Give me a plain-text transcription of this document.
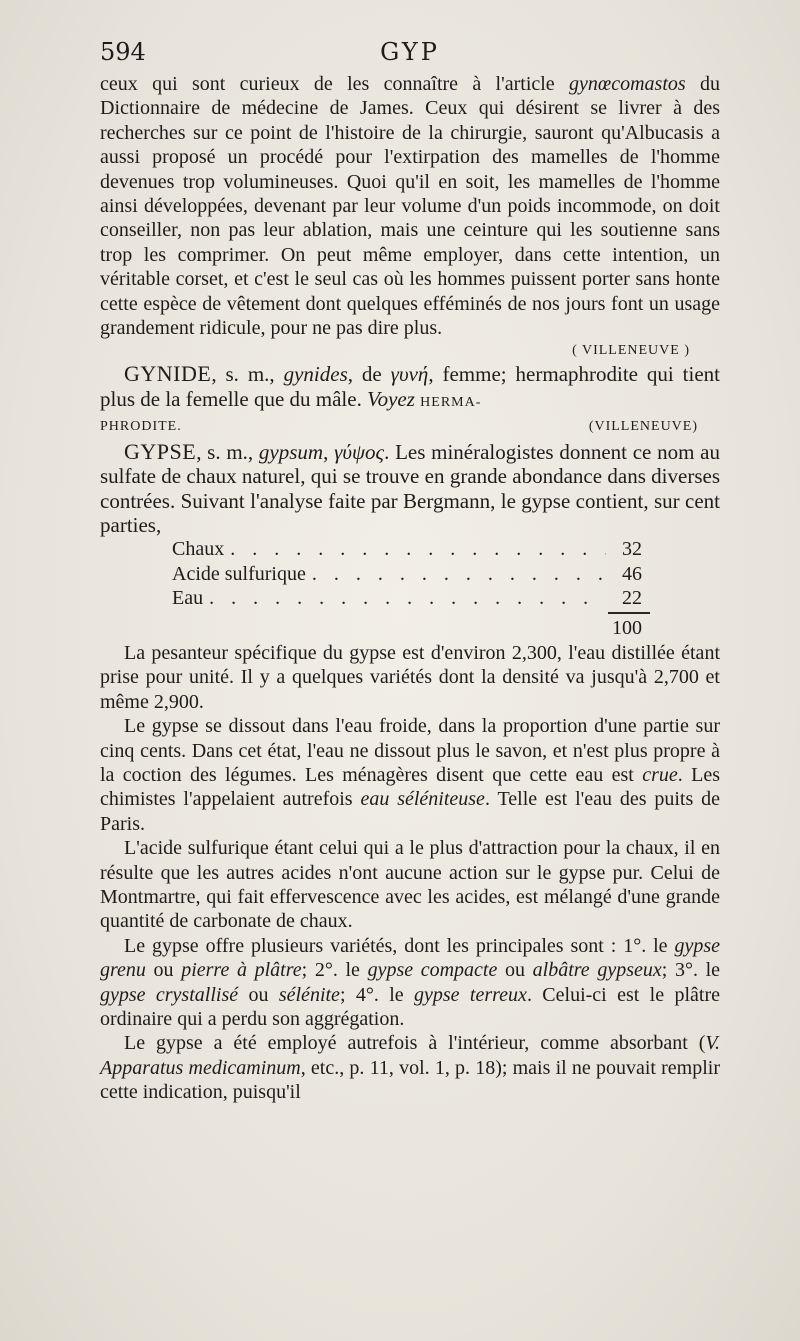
594	GYP

ceux qui sont curieux de les connaître à l'article gynœcomastos du Dictionnaire de médecine de James. Ceux qui désirent se livrer à des recherches sur ce point de l'histoire de la chirurgie, sauront qu'Albucasis a aussi proposé un procédé pour l'extirpation des mamelles de l'homme devenues trop volumineuses. Quoi qu'il en soit, les mamelles de l'homme ainsi développées, devenant par leur volume d'un poids incommode, on doit conseiller, non pas leur ablation, mais une ceinture qui les soutienne sans trop les comprimer. On peut même employer, dans cette intention, un véritable corset, et c'est le seul cas où les hommes puissent porter sans honte cette espèce de vêtement dont quelques efféminés de nos jours font un usage grandement ridicule, pour ne pas dire plus.

( VILLENEUVE )

GYNIDE, s. m., gynides, de γυνή, femme; hermaphrodite qui tient plus de la femelle que du mâle. Voyez HERMA-

PHRODITE.	(VILLENEUVE)

GYPSE, s. m., gypsum, γύψος. Les minéralogistes donnent ce nom au sulfate de chaux naturel, qui se trouve en grande abondance dans diverses contrées. Suivant l'analyse faite par Bergmann, le gypse contient, sur cent parties,

Chaux . . .	32
Acide sulfurique . . .	46
Eau . . .	22
100

La pesanteur spécifique du gypse est d'environ 2,300, l'eau distillée étant prise pour unité. Il y a quelques variétés dont la densité va jusqu'à 2,700 et même 2,900.

Le gypse se dissout dans l'eau froide, dans la proportion d'une partie sur cinq cents. Dans cet état, l'eau ne dissout plus le savon, et n'est plus propre à la coction des légumes. Les ménagères disent que cette eau est crue. Les chimistes l'appelaient autrefois eau séléniteuse. Telle est l'eau des puits de Paris.

L'acide sulfurique étant celui qui a le plus d'attraction pour la chaux, il en résulte que les autres acides n'ont aucune action sur le gypse pur. Celui de Montmartre, qui fait effervescence avec les acides, est mélangé d'une grande quantité de carbonate de chaux.

Le gypse offre plusieurs variétés, dont les principales sont : 1°. le gypse grenu ou pierre à plâtre; 2°. le gypse compacte ou albâtre gypseux; 3°. le gypse crystallisé ou sélénite; 4°. le gypse terreux. Celui-ci est le plâtre ordinaire qui a perdu son aggrégation.

Le gypse a été employé autrefois à l'intérieur, comme absorbant (V. Apparatus medicaminum, etc., p. 11, vol. 1, p. 18); mais il ne pouvait remplir cette indication, puisqu'il
